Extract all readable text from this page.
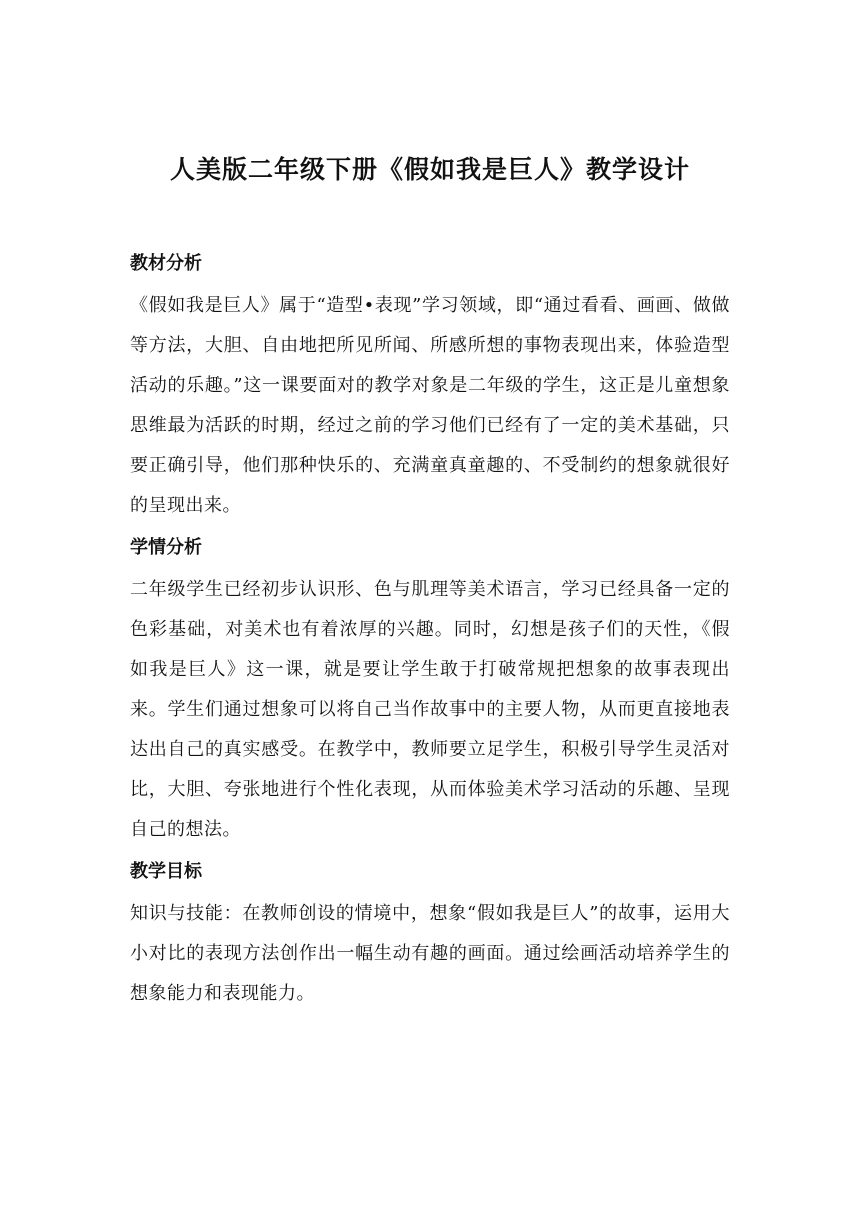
人美版二年级下册《假如我是巨人》教学设计
教材分析

《假如我是巨人》属于“造型•表现”学习领域，即“通过看看、画画、做做等方法，大胆、自由地把所见所闻、所感所想的事物表现出来，体验造型活动的乐趣。”这一课要面对的教学对象是二年级的学生，这正是儿童想象思维最为活跃的时期，经过之前的学习他们已经有了一定的美术基础，只要正确引导，他们那种快乐的、充满童真童趣的、不受制约的想象就很好的呈现出来。

学情分析

二年级学生已经初步认识形、色与肌理等美术语言，学习已经具备一定的色彩基础，对美术也有着浓厚的兴趣。同时，幻想是孩子们的天性，《假如我是巨人》这一课，就是要让学生敢于打破常规把想象的故事表现出来。学生们通过想象可以将自己当作故事中的主要人物，从而更直接地表达出自己的真实感受。在教学中，教师要立足学生，积极引导学生灵活对比，大胆、夸张地进行个性化表现，从而体验美术学习活动的乐趣、呈现自己的想法。

教学目标

知识与技能：在教师创设的情境中，想象“假如我是巨人”的故事，运用大小对比的表现方法创作出一幅生动有趣的画面。通过绘画活动培养学生的想象能力和表现能力。
